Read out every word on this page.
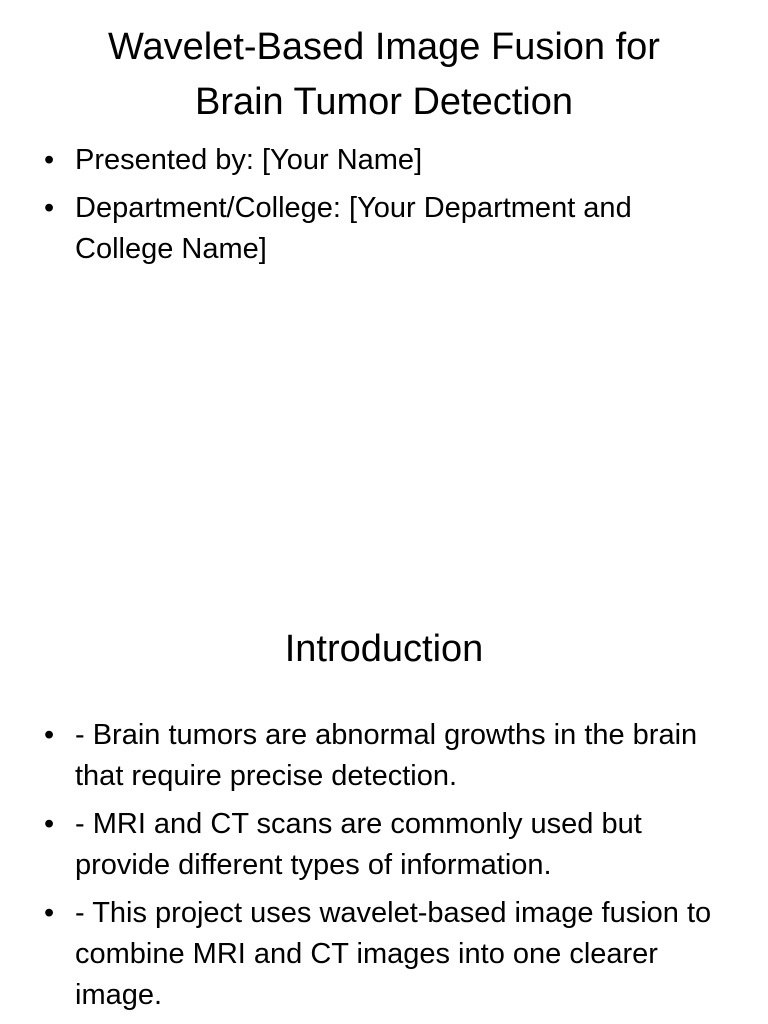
Wavelet-Based Image Fusion for
Brain Tumor Detection
• Presented by: [Your Name]
• Department/College: [Your Department and College Name]
Introduction
• - Brain tumors are abnormal growths in the brain that require precise detection.
• - MRI and CT scans are commonly used but provide different types of information.
• - This project uses wavelet-based image fusion to combine MRI and CT images into one clearer image.
